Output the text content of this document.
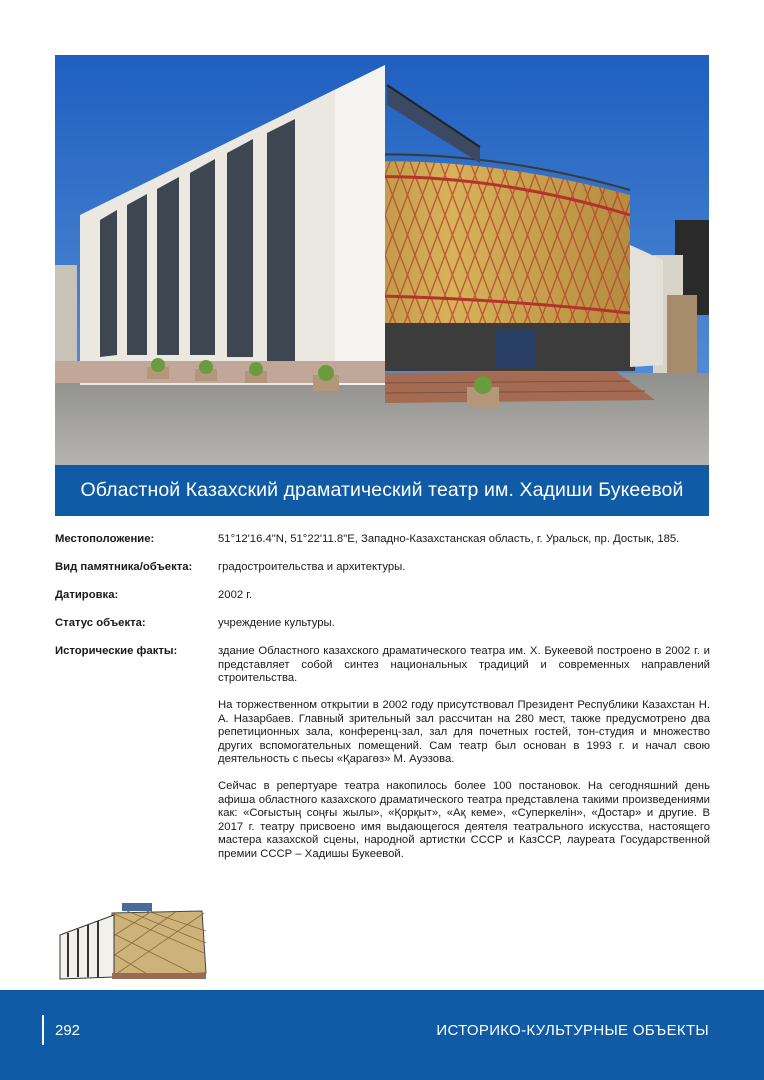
Областной Казахский драматический театр им. Хадиши Букеевой
Местоположение:	51°12'16.4"N, 51°22'11.8"E, Западно-Казахстанская область, г. Уральск, пр. Достык, 185.
Вид памятника/объекта:	градостроительства и архитектуры.
Датировка:	2002 г.
Статус объекта:	учреждение культуры.
Исторические факты:	здание Областного казахского драматического театра им. Х. Букеевой построено в 2002 г. и представляет собой синтез национальных традиций и современных направлений строительства.

На торжественном открытии в 2002 году присутствовал Президент Республики Казахстан Н. А. Назарбаев. Главный зрительный зал рассчитан на 280 мест, также предусмотрено два репетиционных зала, конференц-зал, зал для почетных гостей, тон-студия и множество других вспомогательных помещений. Сам театр был основан в 1993 г. и начал свою деятельность с пьесы «Қарагөз» М. Ауэзова.

Сейчас в репертуаре театра накопилось более 100 постановок. На сегодняшний день афиша областного казахского драматического театра представлена такими произведениями как: «Соғыстың соңғы жылы», «Қорқыт», «Ақ кеме», «Суперкелін», «Достар» и другие. В 2017 г. театру присвоено имя выдающегося деятеля театрального искусства, настоящего мастера казахской сцены, народной артистки СССР и КазССР, лауреата Государственной премии СССР – Хадишы Букеевой.

292	ИСТОРИКО-КУЛЬТУРНЫЕ ОБЪЕКТЫ
